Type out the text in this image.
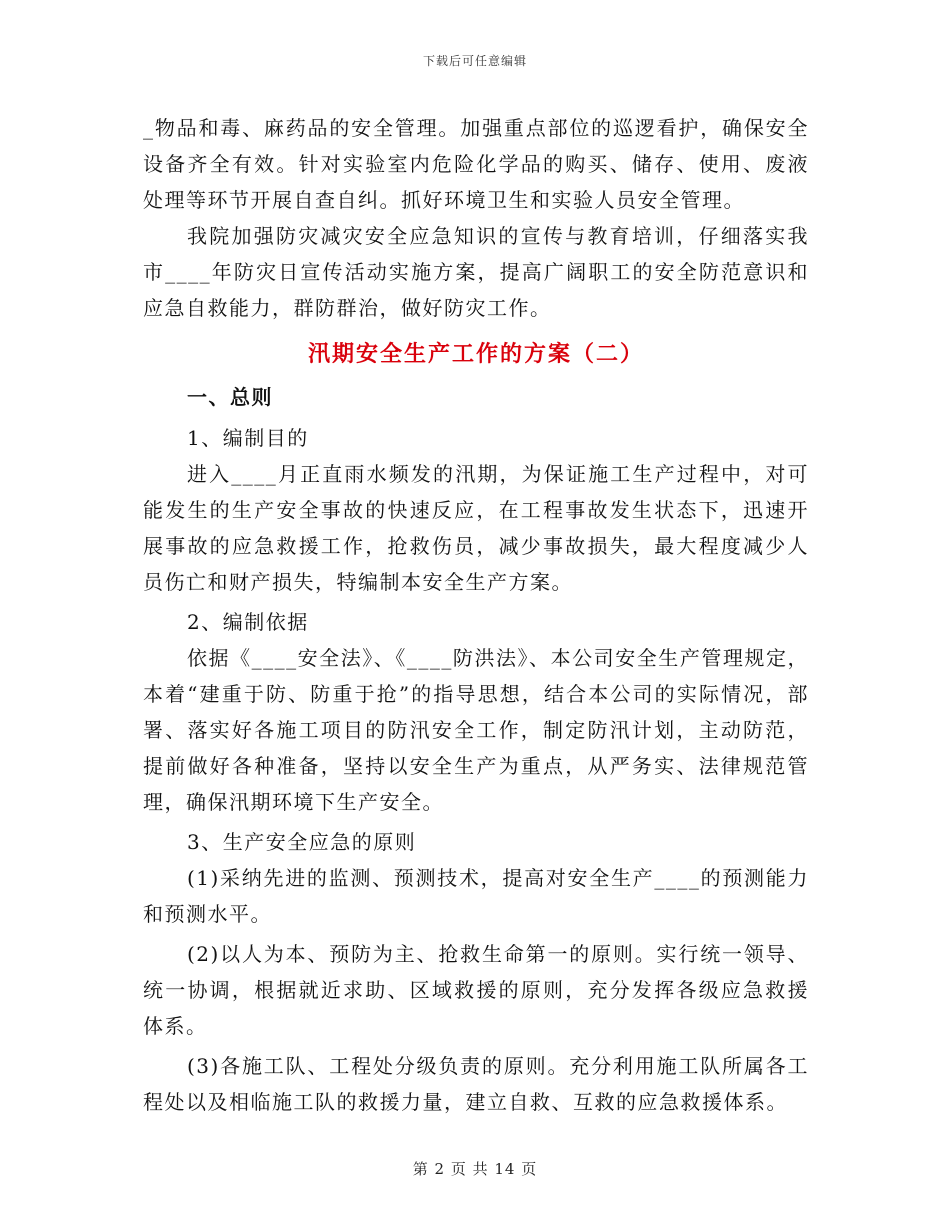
下载后可任意编辑

_物品和毒、麻药品的安全管理。加强重点部位的巡逻看护，确保安全设备齐全有效。针对实验室内危险化学品的购买、储存、使用、废液处理等环节开展自查自纠。抓好环境卫生和实验人员安全管理。

我院加强防灾减灾安全应急知识的宣传与教育培训，仔细落实我市____年防灾日宣传活动实施方案，提高广阔职工的安全防范意识和应急自救能力，群防群治，做好防灾工作。

汛期安全生产工作的方案（二）

一、总则

1、编制目的

进入____月正直雨水频发的汛期，为保证施工生产过程中，对可能发生的生产安全事故的快速反应，在工程事故发生状态下，迅速开展事故的应急救援工作，抢救伤员，减少事故损失，最大程度减少人员伤亡和财产损失，特编制本安全生产方案。

2、编制依据

依据《____安全法》、《____防洪法》、本公司安全生产管理规定，本着“建重于防、防重于抢”的指导思想，结合本公司的实际情况，部署、落实好各施工项目的防汛安全工作，制定防汛计划，主动防范，提前做好各种准备，坚持以安全生产为重点，从严务实、法律规范管理，确保汛期环境下生产安全。

3、生产安全应急的原则

(1)采纳先进的监测、预测技术，提高对安全生产____的预测能力和预测水平。

(2)以人为本、预防为主、抢救生命第一的原则。实行统一领导、统一协调，根据就近求助、区域救援的原则，充分发挥各级应急救援体系。

(3)各施工队、工程处分级负责的原则。充分利用施工队所属各工程处以及相临施工队的救援力量，建立自救、互救的应急救援体系。

第 2 页 共 14 页
